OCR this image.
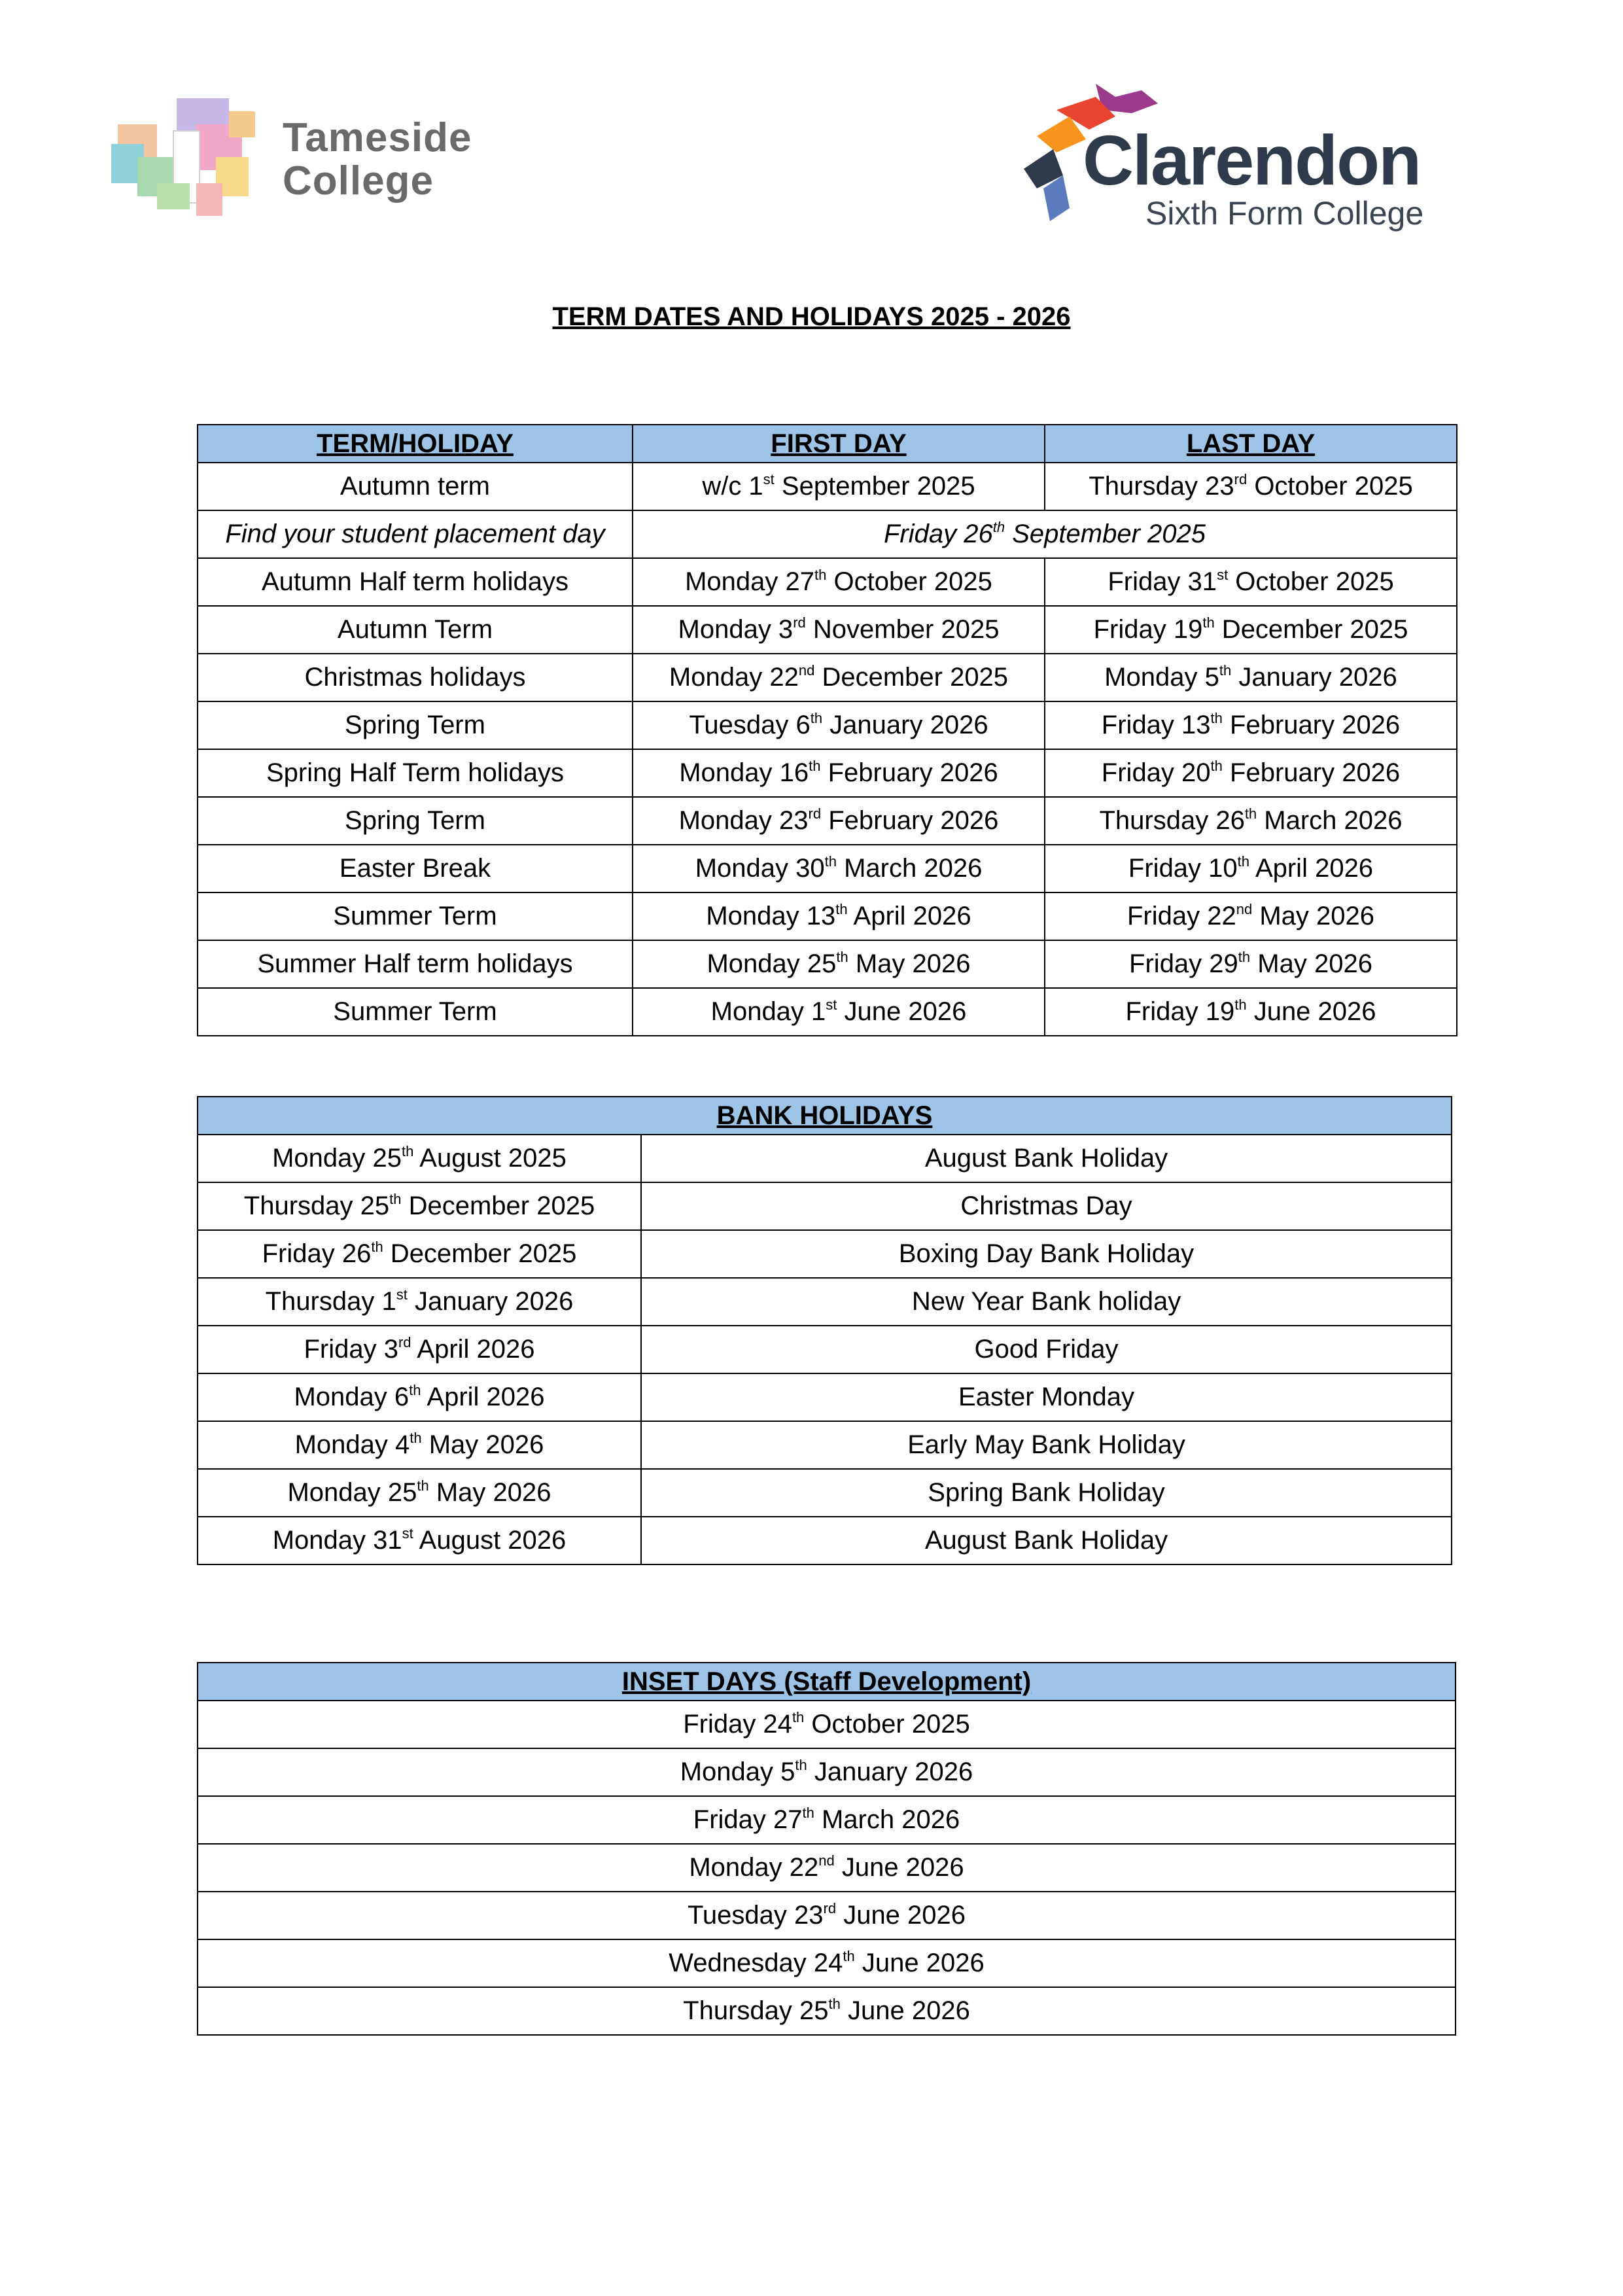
Tameside
College	Clarendon
Sixth Form College
TERM DATES AND HOLIDAYS 2025 - 2026
TERM/HOLIDAY	FIRST DAY	LAST DAY
Autumn term	w/c 1st September 2025	Thursday 23rd October 2025
Find your student placement day	Friday 26th September 2025	
Autumn Half term holidays	Monday 27th October 2025	Friday 31st October 2025
Autumn Term	Monday 3rd November 2025	Friday 19th December 2025
Christmas holidays	Monday 22nd December 2025	Monday 5th January 2026
Spring Term	Tuesday 6th January 2026	Friday 13th February 2026
Spring Half Term holidays	Monday 16th February 2026	Friday 20th February 2026
Spring Term	Monday 23rd February 2026	Thursday 26th March 2026
Easter Break	Monday 30th March 2026	Friday 10th April 2026
Summer Term	Monday 13th April 2026	Friday 22nd May 2026
Summer Half term holidays	Monday 25th May 2026	Friday 29th May 2026
Summer Term	Monday 1st June 2026	Friday 19th June 2026
BANK HOLIDAYS	
Monday 25th August 2025	August Bank Holiday
Thursday 25th December 2025	Christmas Day
Friday 26th December 2025	Boxing Day Bank Holiday
Thursday 1st January 2026	New Year Bank holiday
Friday 3rd April 2026	Good Friday
Monday 6th April 2026	Easter Monday
Monday 4th May 2026	Early May Bank Holiday
Monday 25th May 2026	Spring Bank Holiday
Monday 31st August 2026	August Bank Holiday
INSET DAYS (Staff Development)
Friday 24th October 2025
Monday 5th January 2026
Friday 27th March 2026
Monday 22nd June 2026
Tuesday 23rd June 2026
Wednesday 24th June 2026
Thursday 25th June 2026
